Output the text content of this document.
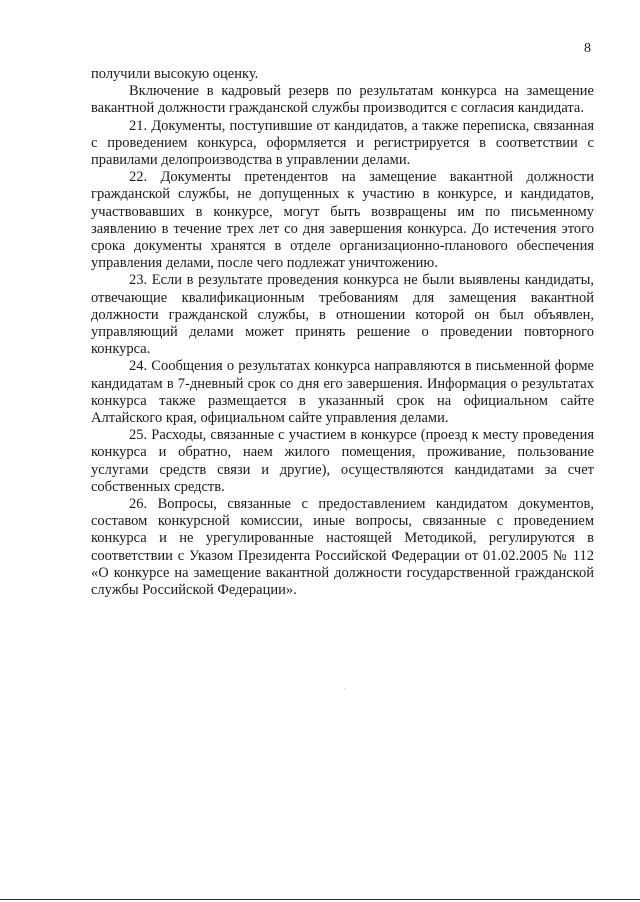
8

получили высокую оценку.

Включение в кадровый резерв по результатам конкурса на замещение вакантной должности гражданской службы производится с согласия кандидата.

21. Документы, поступившие от кандидатов, а также переписка, связанная с проведением конкурса, оформляется и регистрируется в соответствии с правилами делопроизводства в управлении делами.

22. Документы претендентов на замещение вакантной должности гражданской службы, не допущенных к участию в конкурсе, и кандидатов, участвовавших в конкурсе, могут быть возвращены им по письменному заявлению в течение трех лет со дня завершения конкурса. До истечения этого срока документы хранятся в отделе организационно-планового обеспечения управления делами, после чего подлежат уничтожению.

23. Если в результате проведения конкурса не были выявлены кандидаты, отвечающие квалификационным требованиям для замещения вакантной должности гражданской службы, в отношении которой он был объявлен, управляющий делами может принять решение о проведении повторного конкурса.

24. Сообщения о результатах конкурса направляются в письменной форме кандидатам в 7-дневный срок со дня его завершения. Информация о результатах конкурса также размещается в указанный срок на официальном сайте Алтайского края, официальном сайте управления делами.

25. Расходы, связанные с участием в конкурсе (проезд к месту проведения конкурса и обратно, наем жилого помещения, проживание, пользование услугами средств связи и другие), осуществляются кандидатами за счет собственных средств.

26. Вопросы, связанные с предоставлением кандидатом документов, составом конкурсной комиссии, иные вопросы, связанные с проведением конкурса и не урегулированные настоящей Методикой, регулируются в соответствии с Указом Президента Российской Федерации от 01.02.2005 № 112 «О конкурсе на замещение вакантной должности государственной гражданской службы Российской Федерации».
